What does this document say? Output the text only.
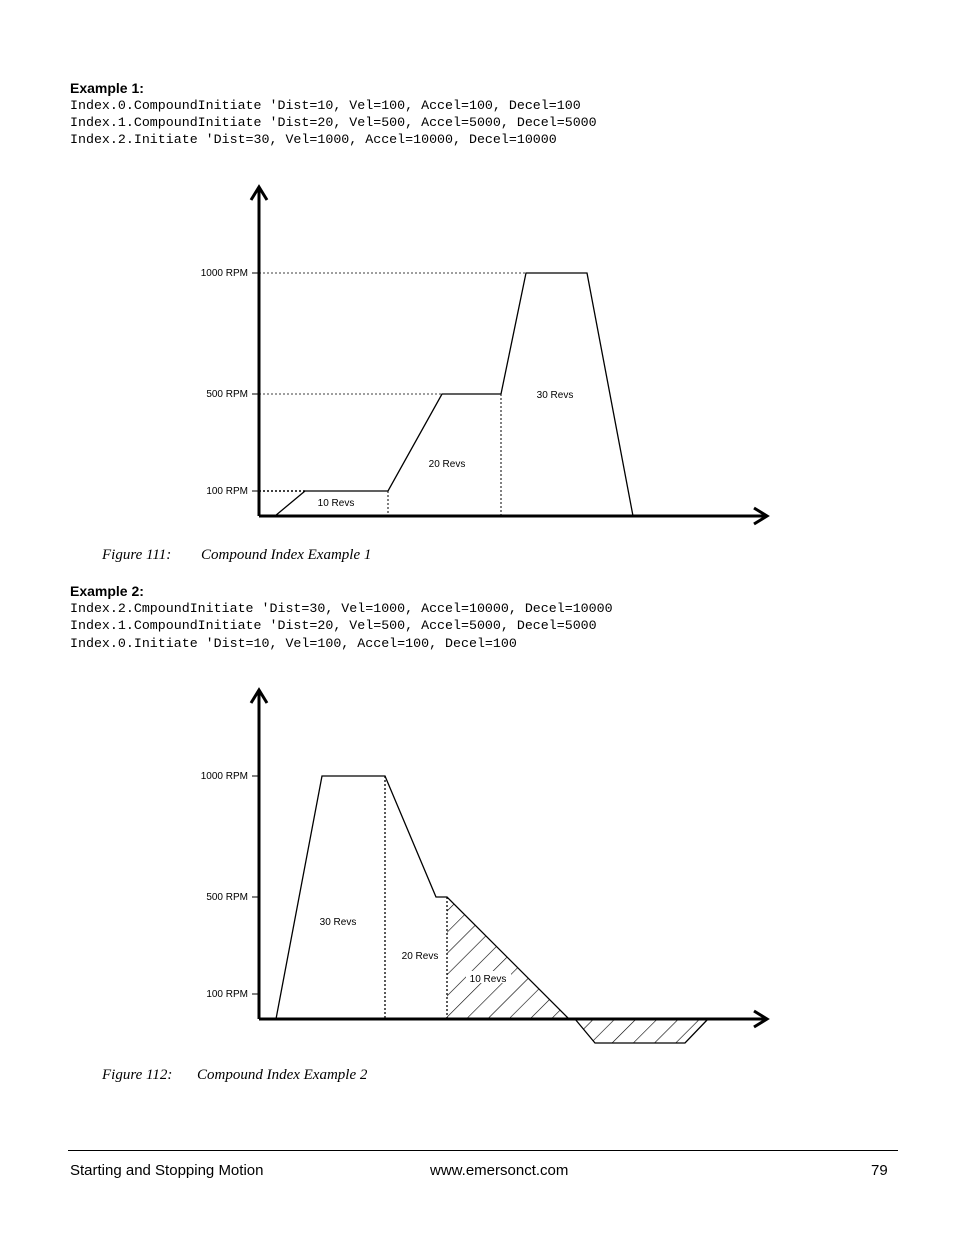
Example 1:
Index.0.CompoundInitiate 'Dist=10, Vel=100, Accel=100, Decel=100
Index.1.CompoundInitiate 'Dist=20, Vel=500, Accel=5000, Decel=5000
Index.2.Initiate 'Dist=30, Vel=1000, Accel=10000, Decel=10000
1000 RPM
500 RPM
100 RPM
10 Revs
20 Revs
30 Revs
Figure 111: Compound Index Example 1
Example 2:
Index.2.CmpoundInitiate 'Dist=30, Vel=1000, Accel=10000, Decel=10000
Index.1.CompoundInitiate 'Dist=20, Vel=500, Accel=5000, Decel=5000
Index.0.Initiate 'Dist=10, Vel=100, Accel=100, Decel=100
1000 RPM
500 RPM
100 RPM
30 Revs
20 Revs
10 Revs
Figure 112: Compound Index Example 2
Starting and Stopping Motion	www.emersonct.com	79
